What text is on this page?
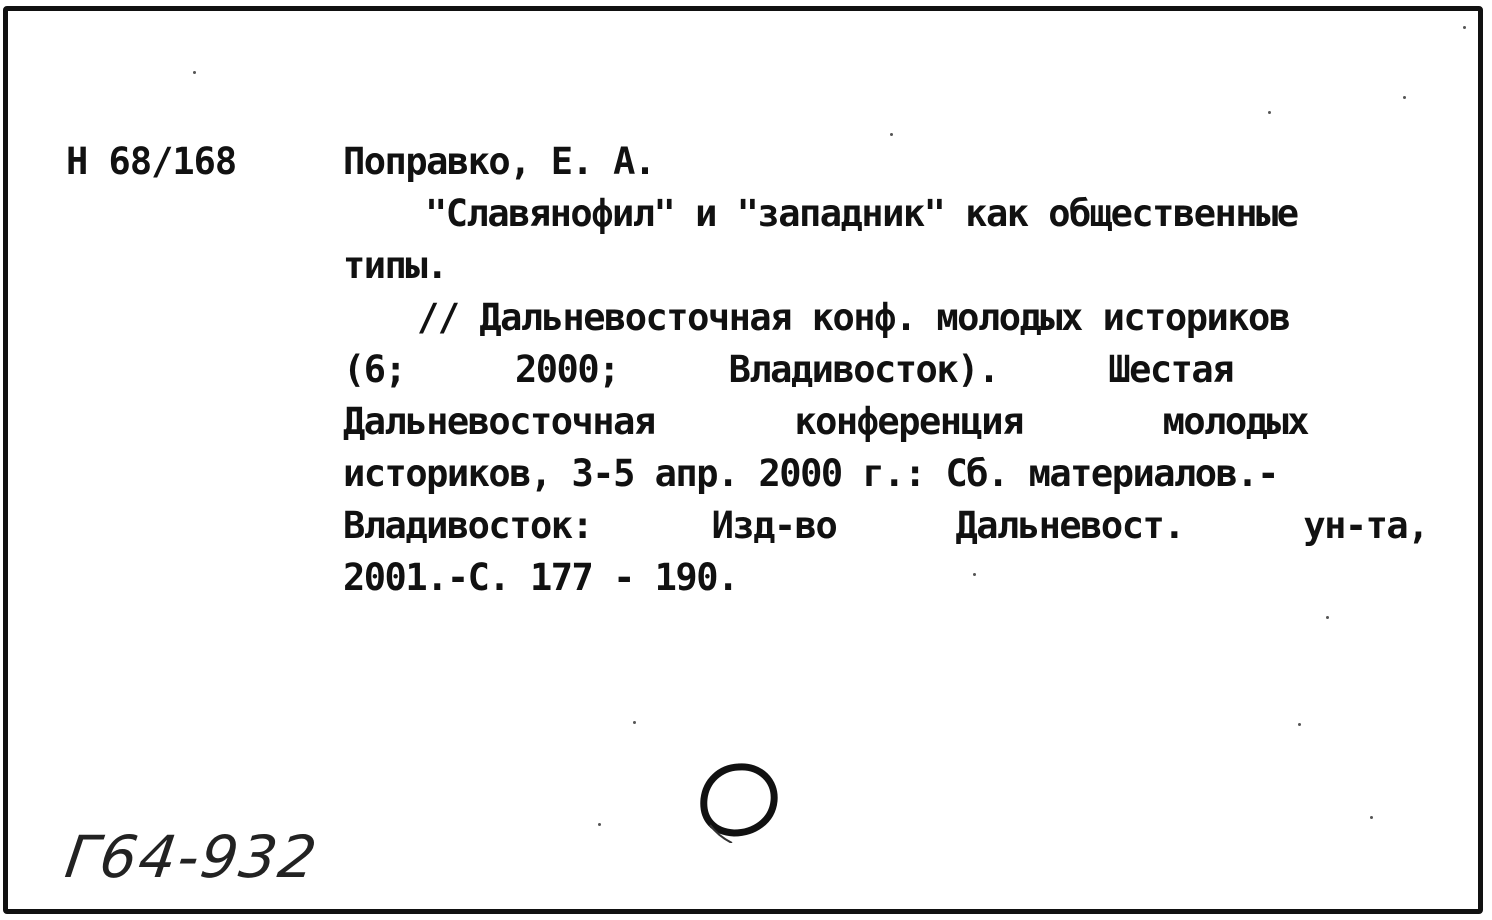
Н 68/168	Поправко, Е. А.
"Славянофил" и "западник" как общественные
типы.
// Дальневосточная конф. молодых историков
(6;	2000;	Владивосток).	Шестая
Дальневосточная	конференция	молодых
историков, 3-5 апр. 2000 г.: Сб. материалов.-
Владивосток:	Изд-во	Дальневост.	ун-та,
2001.-С. 177 - 190.
Г64-932
